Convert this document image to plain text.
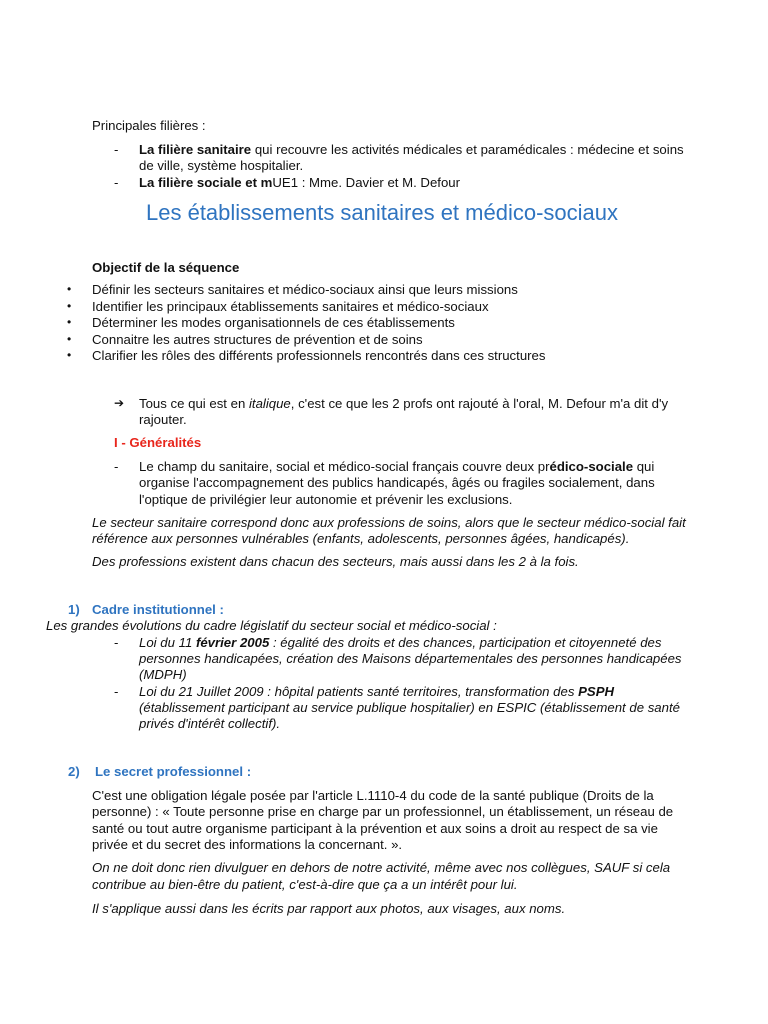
Principales filières :
- La filière sanitaire qui recouvre les activités médicales et paramédicales : médecine et soins
de ville, système hospitalier.
- La filière sociale et mUE1 : Mme. Davier et M. Defour
Les établissements sanitaires et médico-sociaux
Objectif de la séquence
• Définir les secteurs sanitaires et médico-sociaux ainsi que leurs missions
• Identifier les principaux établissements sanitaires et médico-sociaux
• Déterminer les modes organisationnels de ces établissements
• Connaitre les autres structures de prévention et de soins
• Clarifier les rôles des différents professionnels rencontrés dans ces structures
➔ Tous ce qui est en italique, c'est ce que les 2 profs ont rajouté à l'oral, M. Defour m'a dit d'y
rajouter.
I - Généralités
- Le champ du sanitaire, social et médico-social français couvre deux prédico-sociale qui
organise l'accompagnement des publics handicapés, âgés ou fragiles socialement, dans
l'optique de privilégier leur autonomie et prévenir les exclusions.
Le secteur sanitaire correspond donc aux professions de soins, alors que le secteur médico-social fait
référence aux personnes vulnérables (enfants, adolescents, personnes âgées, handicapés).
Des professions existent dans chacun des secteurs, mais aussi dans les 2 à la fois.
1) Cadre institutionnel :
Les grandes évolutions du cadre législatif du secteur social et médico-social :
- Loi du 11 février 2005 : égalité des droits et des chances, participation et citoyenneté des
personnes handicapées, création des Maisons départementales des personnes handicapées
(MDPH)
- Loi du 21 Juillet 2009 : hôpital patients santé territoires, transformation des PSPH
(établissement participant au service publique hospitalier) en ESPIC (établissement de santé
privés d'intérêt collectif).
2) Le secret professionnel :
C'est une obligation légale posée par l'article L.1110-4 du code de la santé publique (Droits de la
personne) : « Toute personne prise en charge par un professionnel, un établissement, un réseau de
santé ou tout autre organisme participant à la prévention et aux soins a droit au respect de sa vie
privée et du secret des informations la concernant. ».
On ne doit donc rien divulguer en dehors de notre activité, même avec nos collègues, SAUF si cela
contribue au bien-être du patient, c'est-à-dire que ça a un intérêt pour lui.
Il s'applique aussi dans les écrits par rapport aux photos, aux visages, aux noms.
